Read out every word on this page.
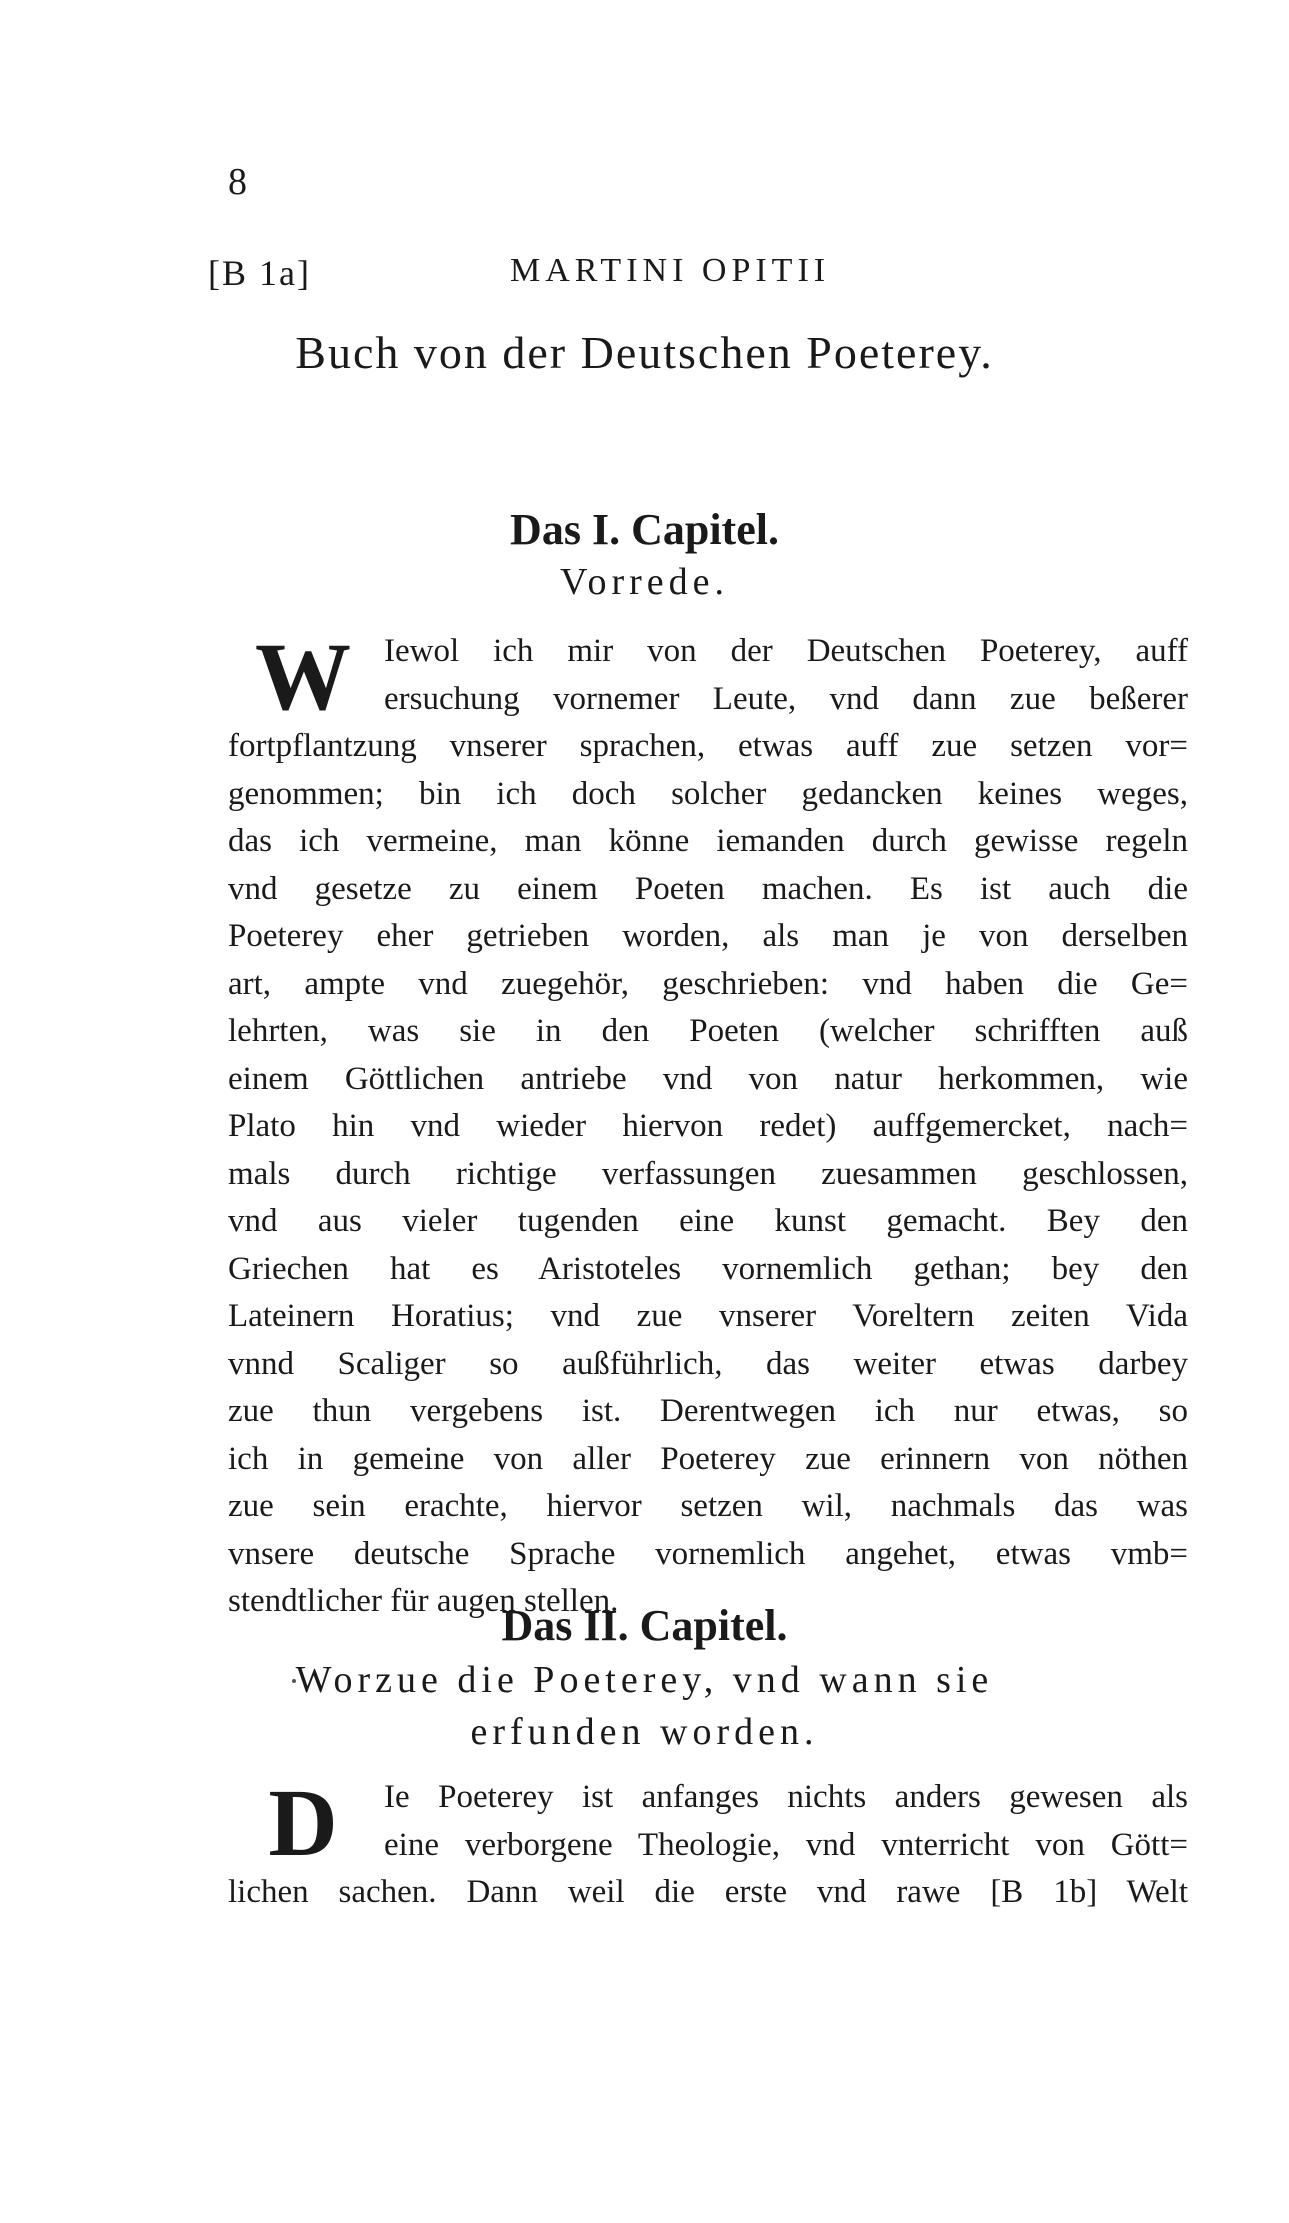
8
[B 1a]	MARTINI OPITII
Buch von der Deutschen Poeterey.
Das I. Capitel.
Vorrede.
W	Iewol ich mir von der Deutschen Poeterey, auff
ersuchung vornemer Leute, vnd dann zue beßerer
fortpflantzung vnserer sprachen, etwas auff zue setzen vor=
genommen; bin ich doch solcher gedancken keines weges,
das ich vermeine, man könne iemanden durch gewisse regeln
vnd gesetze zu einem Poeten machen. Es ist auch die
Poeterey eher getrieben worden, als man je von derselben
art, ampte vnd zuegehör, geschrieben: vnd haben die Ge=
lehrten, was sie in den Poeten (welcher schrifften auß
einem Göttlichen antriebe vnd von natur herkommen, wie
Plato hin vnd wieder hiervon redet) auffgemercket, nach=
mals durch richtige verfassungen zuesammen geschlossen,
vnd aus vieler tugenden eine kunst gemacht. Bey den
Griechen hat es Aristoteles vornemlich gethan; bey den
Lateinern Horatius; vnd zue vnserer Voreltern zeiten Vida
vnnd Scaliger so außführlich, das weiter etwas darbey
zue thun vergebens ist. Derentwegen ich nur etwas, so
ich in gemeine von aller Poeterey zue erinnern von nöthen
zue sein erachte, hiervor setzen wil, nachmals das was
vnsere deutsche Sprache vornemlich angehet, etwas vmb=
stendtlicher für augen stellen.
Das II. Capitel.
Worzue die Poeterey, vnd wann sie
erfunden worden.
D	Ie Poeterey ist anfanges nichts anders gewesen als
eine verborgene Theologie, vnd vnterricht von Gött=
lichen sachen. Dann weil die erste vnd rawe [B 1b] Welt
